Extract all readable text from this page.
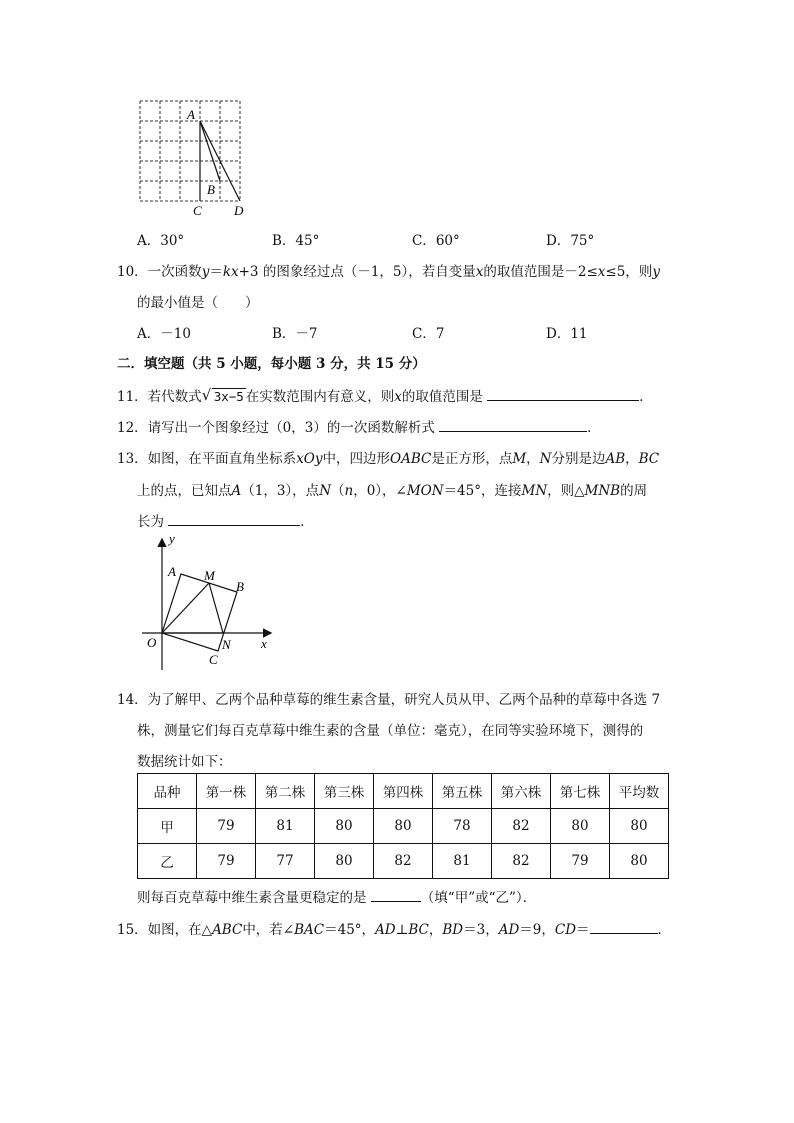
A
B
C D
A．30°	B．45°	C．60°	D．75°
10．一次函数y＝kx+3 的图象经过点（－1，5），若自变量x的取值范围是－2≤x≤5，则y
的最小值是（　　）
A．－10	B．－7	C．7	D．11
二．填空题（共 5 小题，每小题 3 分，共 15 分）
11．若代数式 √ 3x−5 在实数范围内有意义，则x的取值范围是	．
12．请写出一个图象经过（0，3）的一次函数解析式	．
13．如图，在平面直角坐标系xOy中，四边形OABC是正方形，点M，N分别是边AB，BC
上的点，已知点A（1，3），点N（n，0），∠MON＝45°，连接MN，则△MNB的周
长为	．
y
A M
B
O	N
C
x
14．为了解甲、乙两个品种草莓的维生素含量，研究人员从甲、乙两个品种的草莓中各选 7
株，测量它们每百克草莓中维生素的含量（单位：毫克），在同等实验环境下，测得的
数据统计如下：
品种	第一株	第二株	第三株	第四株	第五株	第六株	第七株	平均数
甲	79	81	80	80	78	82	80	80
乙	79	77	80	82	81	82	79	80
则每百克草莓中维生素含量更稳定的是	（填“甲”或“乙”）．
15．如图，在△ABC中，若∠BAC＝45°，AD⊥BC，BD＝3，AD＝9，CD＝	．
